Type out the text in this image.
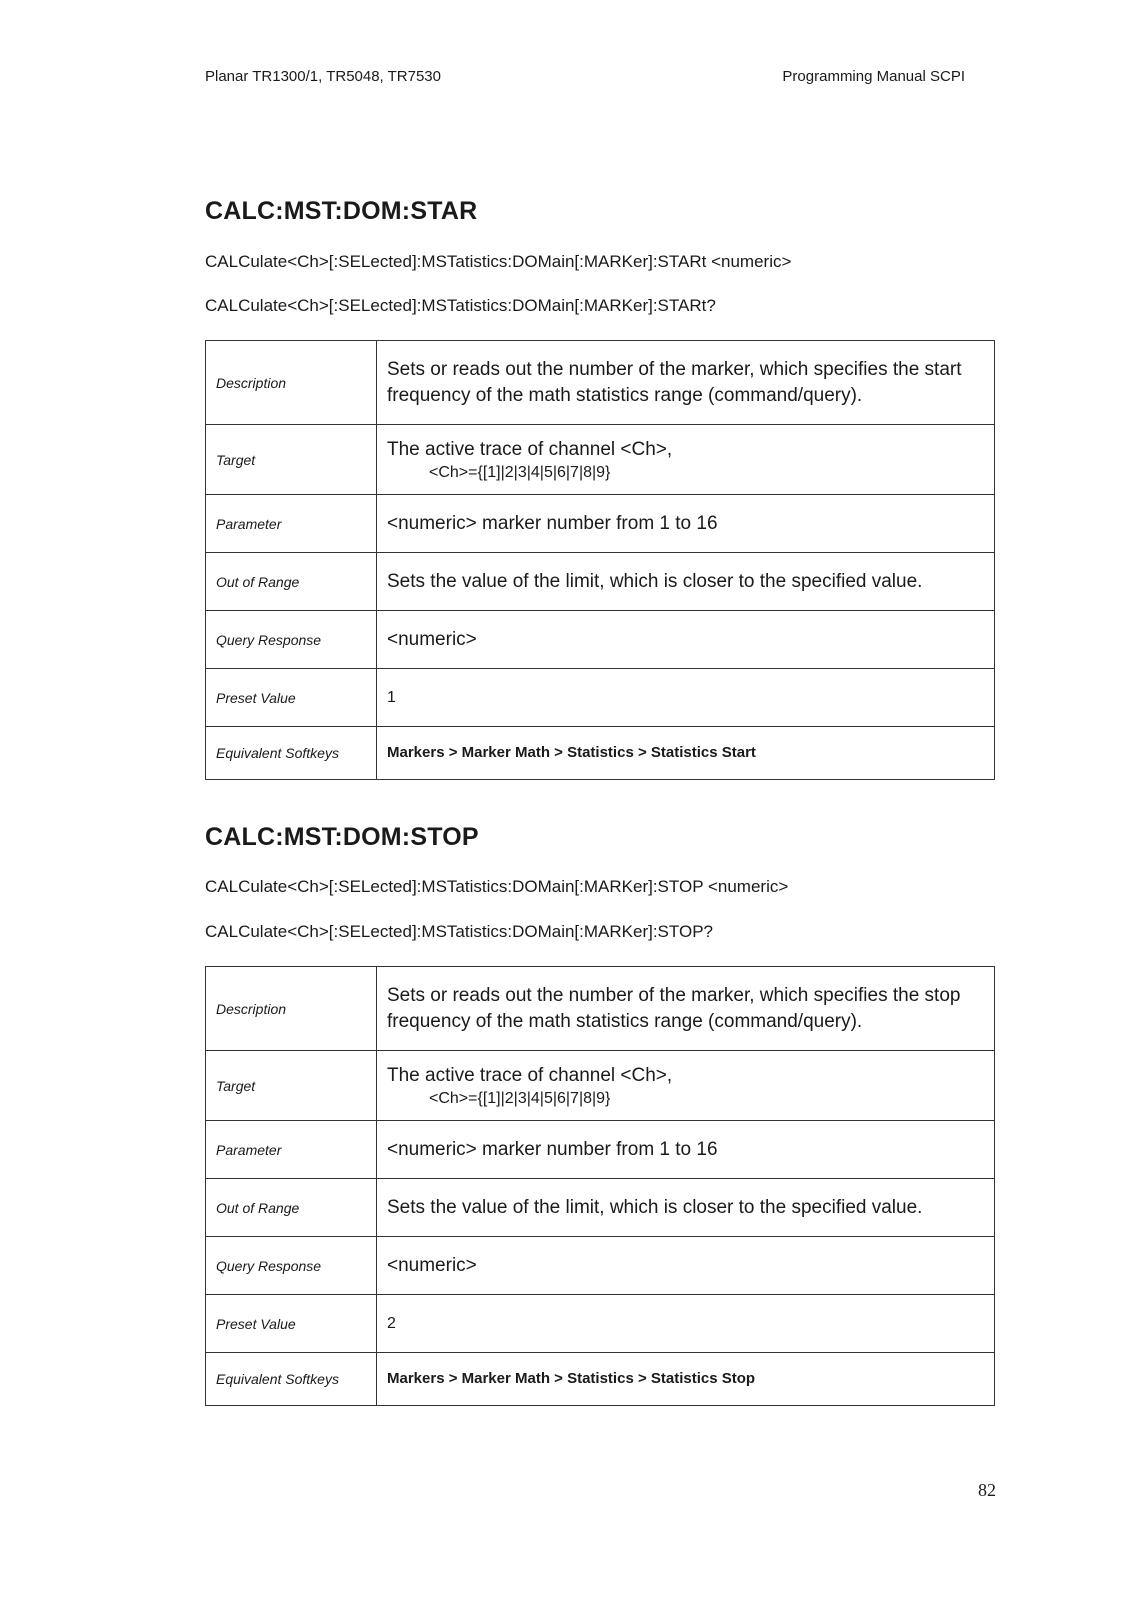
Planar TR1300/1, TR5048, TR7530	Programming Manual SCPI
CALC:MST:DOM:STAR

CALCulate<Ch>[:SELected]:MSTatistics:DOMain[:MARKer]:STARt <numeric>

CALCulate<Ch>[:SELected]:MSTatistics:DOMain[:MARKer]:STARt?

Description	Sets or reads out the number of the marker, which specifies the start frequency of the math statistics range (command/query).
Target	The active trace of channel <Ch>,
<Ch>={[1]|2|3|4|5|6|7|8|9}

Parameter	<numeric> marker number from 1 to 16
Out of Range	Sets the value of the limit, which is closer to the specified value.
Query Response	<numeric>
Preset Value	1
Equivalent Softkeys	Markers > Marker Math > Statistics > Statistics Start
CALC:MST:DOM:STOP

CALCulate<Ch>[:SELected]:MSTatistics:DOMain[:MARKer]:STOP <numeric>

CALCulate<Ch>[:SELected]:MSTatistics:DOMain[:MARKer]:STOP?

Description	Sets or reads out the number of the marker, which specifies the stop frequency of the math statistics range (command/query).
Target	The active trace of channel <Ch>,
<Ch>={[1]|2|3|4|5|6|7|8|9}

Parameter	<numeric> marker number from 1 to 16
Out of Range	Sets the value of the limit, which is closer to the specified value.
Query Response	<numeric>
Preset Value	2
Equivalent Softkeys	Markers > Marker Math > Statistics > Statistics Stop
82
